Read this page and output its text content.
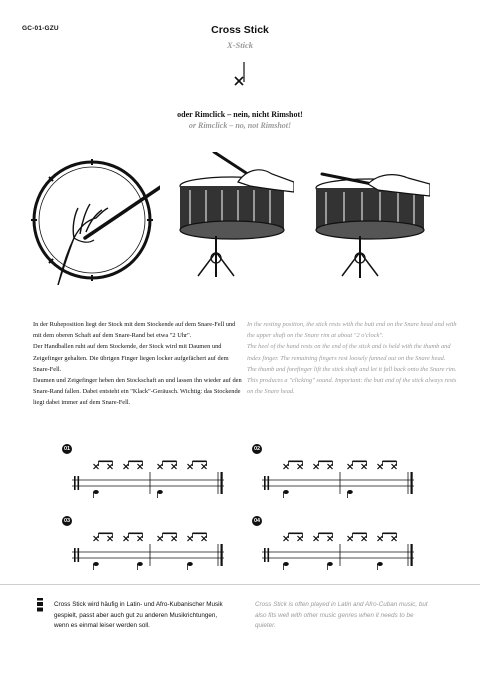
GC-01-GZU	Cross Stick
X-Stick
oder Rimclick – nein, nicht Rimshot!
or Rimclick – no, not Rimshot!

In der Ruheposition liegt der Stock mit dem Stockende auf dem Snare-Fell und mit dem oberen Schaft auf dem Snare-Rand bei etwa "2 Uhr".

Der Handballen ruht auf dem Stockende, der Stock wird mit Daumen und Zeigefinger gehalten. Die übrigen Finger liegen locker aufgefächert auf dem Snare-Fell.

Daumen und Zeigefinger heben den Stockschaft an und lassen ihn wieder auf den Snare-Rand fallen. Dabei entsteht ein "Klack"-Geräusch. Wichtig: das Stockende liegt dabei immer auf dem Snare-Fell.

In the resting position, the stick rests with the butt end on the Snare head and with the upper shaft on the Snare rim at about "2 o'clock".

The heel of the hand rests on the end of the stick and is held with the thumb and index finger. The remaining fingers rest loosely fanned out on the Snare head.

The thumb and forefinger lift the stick shaft and let it fall back onto the Snare rim. This produces a "clicking" sound. Important: the butt end of the stick always rests on the Snare head.

01	02
03	04
Cross Stick wird häufig in Latin- und Afro-Kubanischer Musik gespielt, passt aber auch gut zu anderen Musikrichtungen, wenn es einmal leiser werden soll.
Cross Stick is often played in Latin and Afro-Cuban music, but also fits well with other music genres when it needs to be quieter.
